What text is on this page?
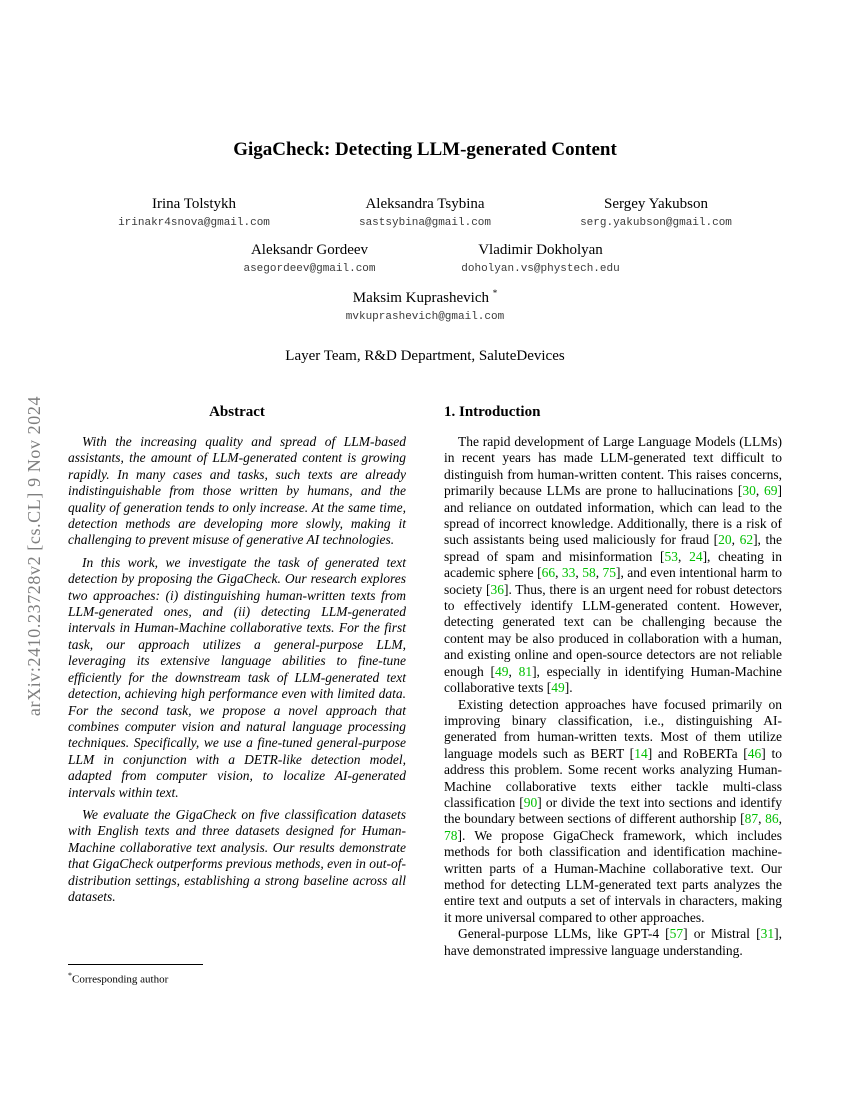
arXiv:2410.23728v2 [cs.CL] 9 Nov 2024
GigaCheck: Detecting LLM-generated Content
Irina Tolstykh
irinakr4snova@gmail.com
Aleksandra Tsybina
sastsybina@gmail.com
Sergey Yakubson
serg.yakubson@gmail.com
Aleksandr Gordeev
asegordeev@gmail.com
Vladimir Dokholyan
doholyan.vs@phystech.edu
Maksim Kuprashevich *
mvkuprashevich@gmail.com
Layer Team, R&D Department, SaluteDevices
Abstract

With the increasing quality and spread of LLM-based assistants, the amount of LLM-generated content is growing rapidly. In many cases and tasks, such texts are already indistinguishable from those written by humans, and the quality of generation tends to only increase. At the same time, detection methods are developing more slowly, making it challenging to prevent misuse of generative AI technologies.

In this work, we investigate the task of generated text detection by proposing the GigaCheck. Our research explores two approaches: (i) distinguishing human-written texts from LLM-generated ones, and (ii) detecting LLM-generated intervals in Human-Machine collaborative texts. For the first task, our approach utilizes a general-purpose LLM, leveraging its extensive language abilities to fine-tune efficiently for the downstream task of LLM-generated text detection, achieving high performance even with limited data. For the second task, we propose a novel approach that combines computer vision and natural language processing techniques. Specifically, we use a fine-tuned general-purpose LLM in conjunction with a DETR-like detection model, adapted from computer vision, to localize AI-generated intervals within text.

We evaluate the GigaCheck on five classification datasets with English texts and three datasets designed for Human-Machine collaborative text analysis. Our results demonstrate that GigaCheck outperforms previous methods, even in out-of-distribution settings, establishing a strong baseline across all datasets.

1. Introduction

The rapid development of Large Language Models (LLMs) in recent years has made LLM-generated text difficult to distinguish from human-written content. This raises concerns, primarily because LLMs are prone to hallucinations [30, 69] and reliance on outdated information, which can lead to the spread of incorrect knowledge. Additionally, there is a risk of such assistants being used maliciously for fraud [20, 62], the spread of spam and misinformation [53, 24], cheating in academic sphere [66, 33, 58, 75], and even intentional harm to society [36]. Thus, there is an urgent need for robust detectors to effectively identify LLM-generated content. However, detecting generated text can be challenging because the content may be also produced in collaboration with a human, and existing online and open-source detectors are not reliable enough [49, 81], especially in identifying Human-Machine collaborative texts [49].

Existing detection approaches have focused primarily on improving binary classification, i.e., distinguishing AI-generated from human-written texts. Most of them utilize language models such as BERT [14] and RoBERTa [46] to address this problem. Some recent works analyzing Human-Machine collaborative texts either tackle multi-class classification [90] or divide the text into sections and identify the boundary between sections of different authorship [87, 86, 78]. We propose GigaCheck framework, which includes methods for both classification and identification machine-written parts of a Human-Machine collaborative text. Our method for detecting LLM-generated text parts analyzes the entire text and outputs a set of intervals in characters, making it more universal compared to other approaches.

General-purpose LLMs, like GPT-4 [57] or Mistral [31], have demonstrated impressive language understanding.

*Corresponding author
